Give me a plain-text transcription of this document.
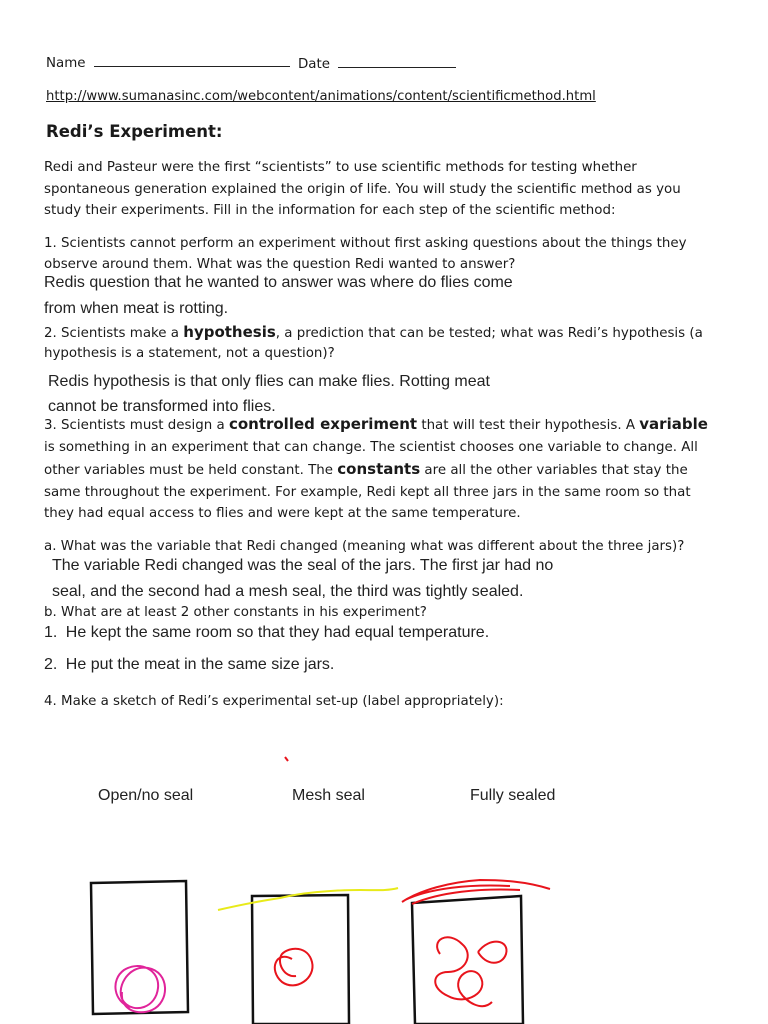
Name	Date
http://www.sumanasinc.com/webcontent/animations/content/scientificmethod.html
Redi’s Experiment:
Redi and Pasteur were the first “scientists” to use scientific methods for testing whether
spontaneous generation explained the origin of life. You will study the scientific method as you
study their experiments. Fill in the information for each step of the scientific method:
1. Scientists cannot perform an experiment without first asking questions about the things they
observe around them. What was the question Redi wanted to answer?
Redis question that he wanted to answer was where do flies come
from when meat is rotting.
2. Scientists make a hypothesis, a prediction that can be tested; what was Redi’s hypothesis (a
hypothesis is a statement, not a question)?
Redis hypothesis is that only flies can make flies. Rotting meat
cannot be transformed into flies.
3. Scientists must design a controlled experiment that will test their hypothesis. A variable
is something in an experiment that can change. The scientist chooses one variable to change. All
other variables must be held constant. The constants are all the other variables that stay the
same throughout the experiment. For example, Redi kept all three jars in the same room so that
they had equal access to flies and were kept at the same temperature.
a. What was the variable that Redi changed (meaning what was different about the three jars)?
The variable Redi changed was the seal of the jars. The first jar had no
seal, and the second had a mesh seal, the third was tightly sealed.
b. What are at least 2 other constants in his experiment?
1. He kept the same room so that they had equal temperature.
2. He put the meat in the same size jars.
4. Make a sketch of Redi’s experimental set-up (label appropriately):
Open/no seal	Mesh seal	Fully sealed
